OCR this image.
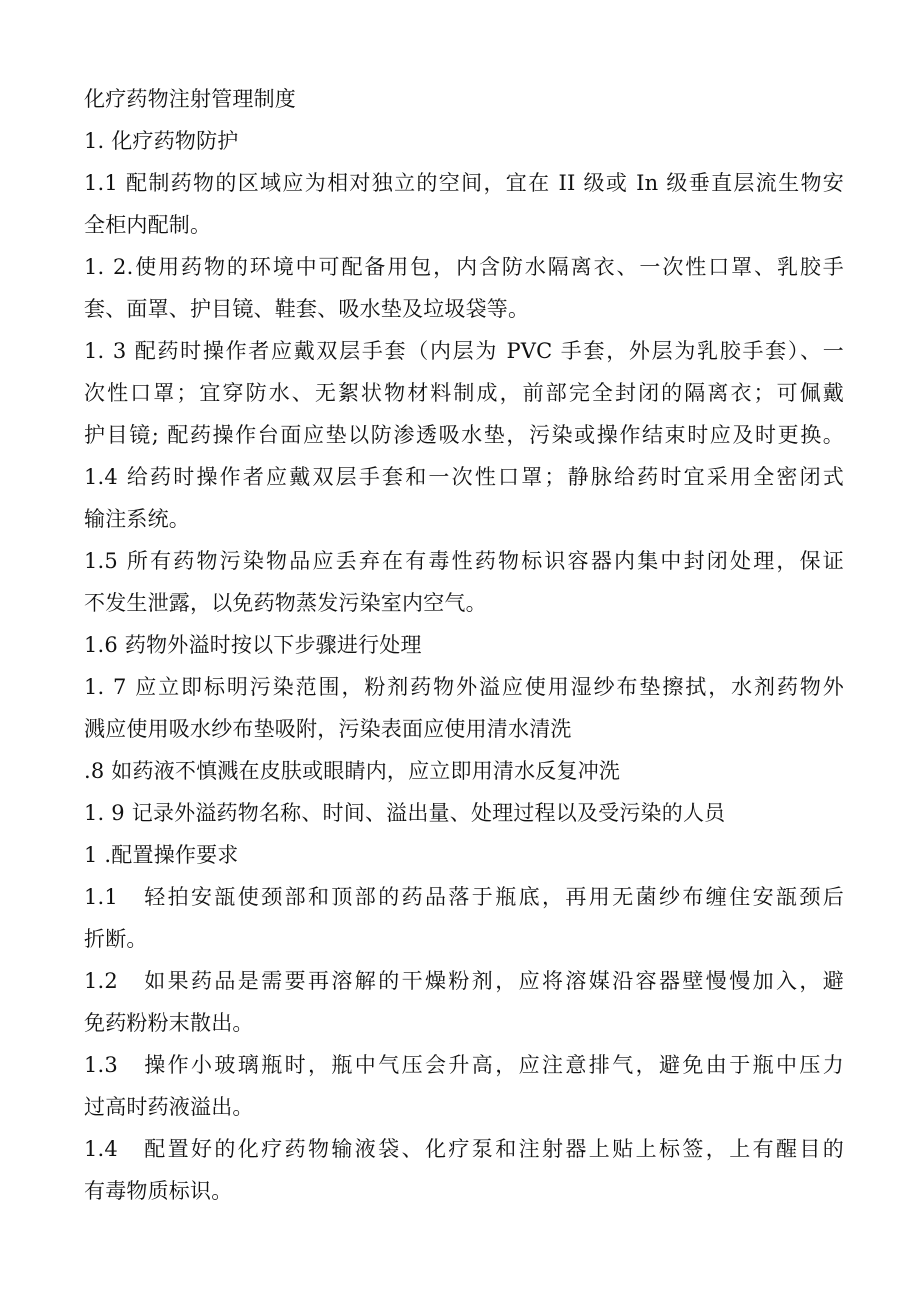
化疗药物注射管理制度

1. 化疗药物防护

1.1 配制药物的区域应为相对独立的空间，宜在 II 级或 In 级垂直层流生物安

全柜内配制。

1. 2.使用药物的环境中可配备用包，内含防水隔离衣、一次性口罩、乳胶手

套、面罩、护目镜、鞋套、吸水垫及垃圾袋等。

1. 3 配药时操作者应戴双层手套（内层为 PVC 手套，外层为乳胶手套）、一

次性口罩；宜穿防水、无絮状物材料制成，前部完全封闭的隔离衣；可佩戴

护目镜; 配药操作台面应垫以防渗透吸水垫，污染或操作结束时应及时更换。

1.4 给药时操作者应戴双层手套和一次性口罩；静脉给药时宜采用全密闭式

输注系统。

1.5 所有药物污染物品应丢弃在有毒性药物标识容器内集中封闭处理，保证

不发生泄露，以免药物蒸发污染室内空气。

1.6 药物外溢时按以下步骤进行处理

1. 7 应立即标明污染范围，粉剂药物外溢应使用湿纱布垫擦拭，水剂药物外

溅应使用吸水纱布垫吸附，污染表面应使用清水清洗

.8 如药液不慎溅在皮肤或眼睛内，应立即用清水反复冲洗

1. 9 记录外溢药物名称、时间、溢出量、处理过程以及受污染的人员

1 .配置操作要求

1.1 轻拍安瓿使颈部和顶部的药品落于瓶底，再用无菌纱布缠住安瓿颈后

折断。

1.2 如果药品是需要再溶解的干燥粉剂，应将溶媒沿容器壁慢慢加入，避

免药粉粉末散出。

1.3 操作小玻璃瓶时，瓶中气压会升高，应注意排气，避免由于瓶中压力

过高时药液溢出。

1.4 配置好的化疗药物输液袋、化疗泵和注射器上贴上标签，上有醒目的

有毒物质标识。
